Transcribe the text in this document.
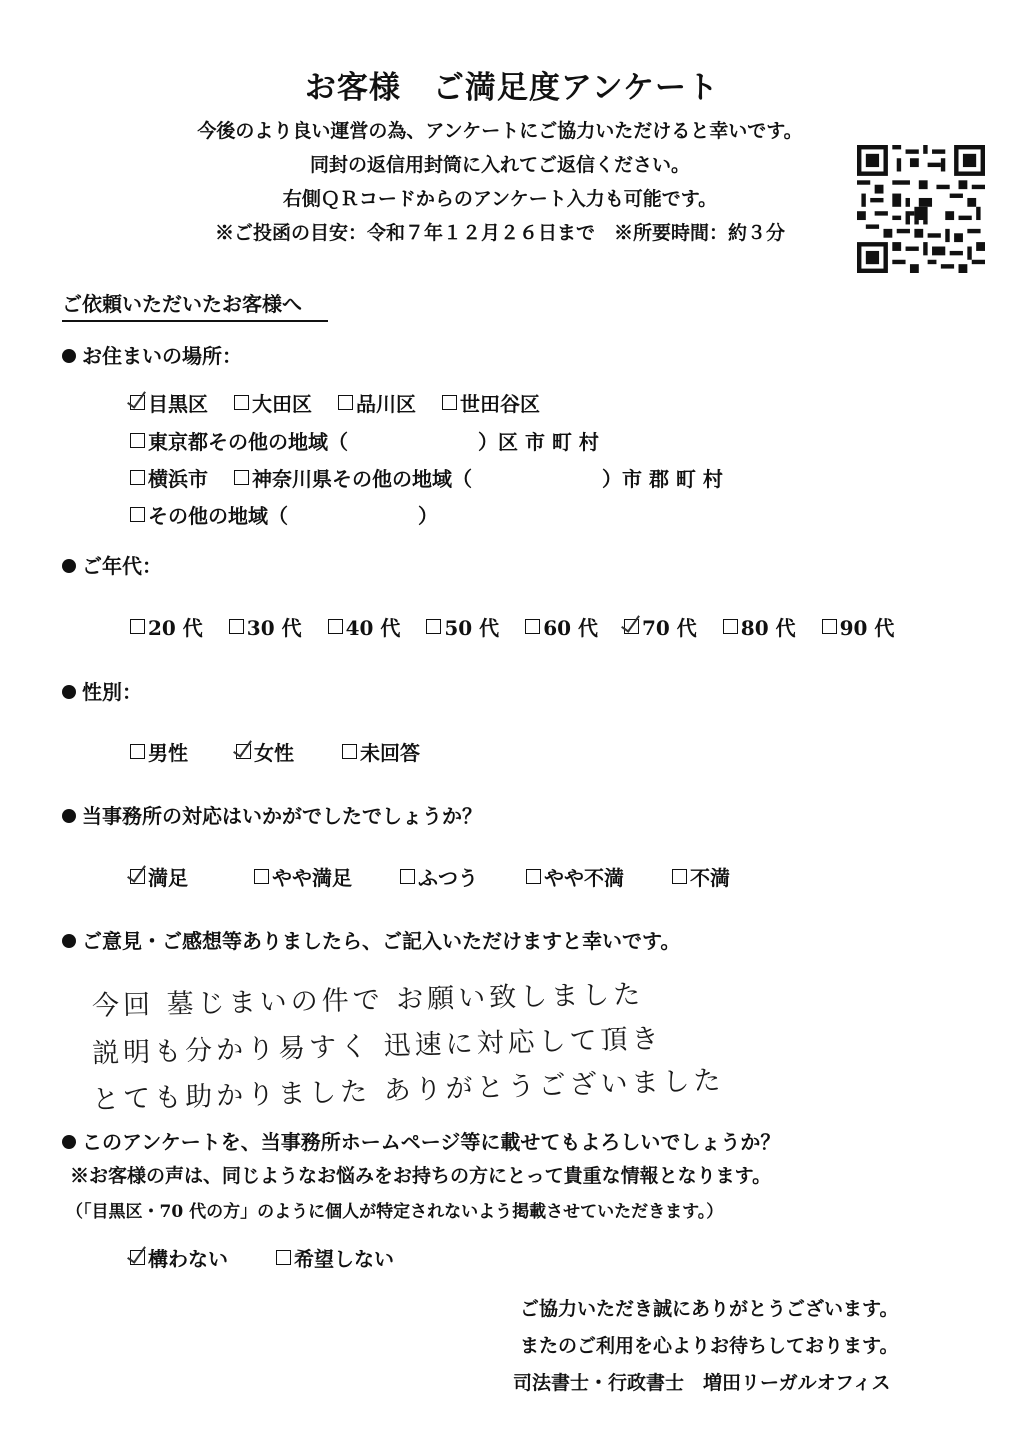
お客様　ご満足度アンケート
今後のより良い運営の為、アンケートにご協力いただけると幸いです。
同封の返信用封筒に入れてご返信ください。
右側ＱＲコードからのアンケート入力も可能です。
※ご投函の目安：令和７年１２月２６日まで　※所要時間：約３分
ご依頼いただいたお客様へ
お住まいの場所：
目黒区 大田区 品川区 世田谷区
東京都その他の地域（	）区 市 町 村
横浜市 神奈川県その他の地域（	）市 郡 町 村
その他の地域（	）
ご年代：
20 代 30 代 40 代 50 代 60 代 70 代 80 代 90 代
性別：
男性	女性	未回答
当事務所の対応はいかがでしたでしょうか？
満足	やや満足	ふつう	やや不満	不満
ご意見・ご感想等ありましたら、ご記入いただけますと幸いです。
今回 墓じまいの件で お願い致しました
説明も分かり易すく 迅速に対応して頂き
とても助かりました ありがとうございました
このアンケートを、当事務所ホームページ等に載せてもよろしいでしょうか？
※お客様の声は、同じようなお悩みをお持ちの方にとって貴重な情報となります。
（「目黒区・70 代の方」のように個人が特定されないよう掲載させていただきます。）
構わない	希望しない
ご協力いただき誠にありがとうございます。
またのご利用を心よりお待ちしております。
司法書士・行政書士　増田リーガルオフィス
